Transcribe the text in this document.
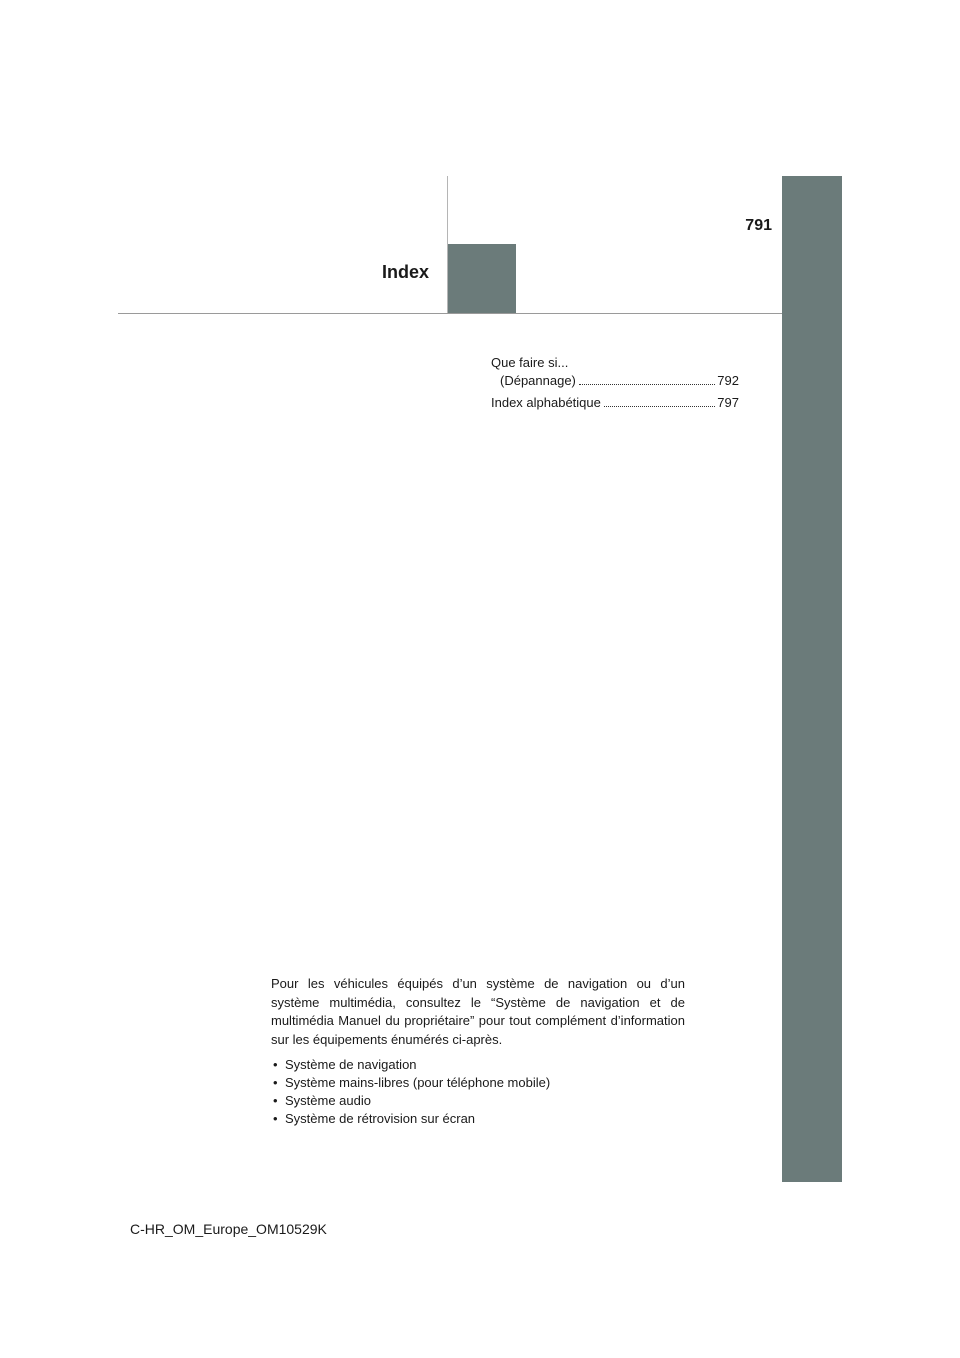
791
Index
Que faire si...
(Dépannage)	792
Index alphabétique	797

Pour les véhicules équipés d’un système de navigation ou d’un système multimédia, consultez le “Système de navigation et de multimédia Manuel du propriétaire” pour tout complément d’information sur les équipements énumérés ci-après.

• Système de navigation
• Système mains-libres (pour téléphone mobile)
• Système audio
• Système de rétrovision sur écran
C-HR_OM_Europe_OM10529K
